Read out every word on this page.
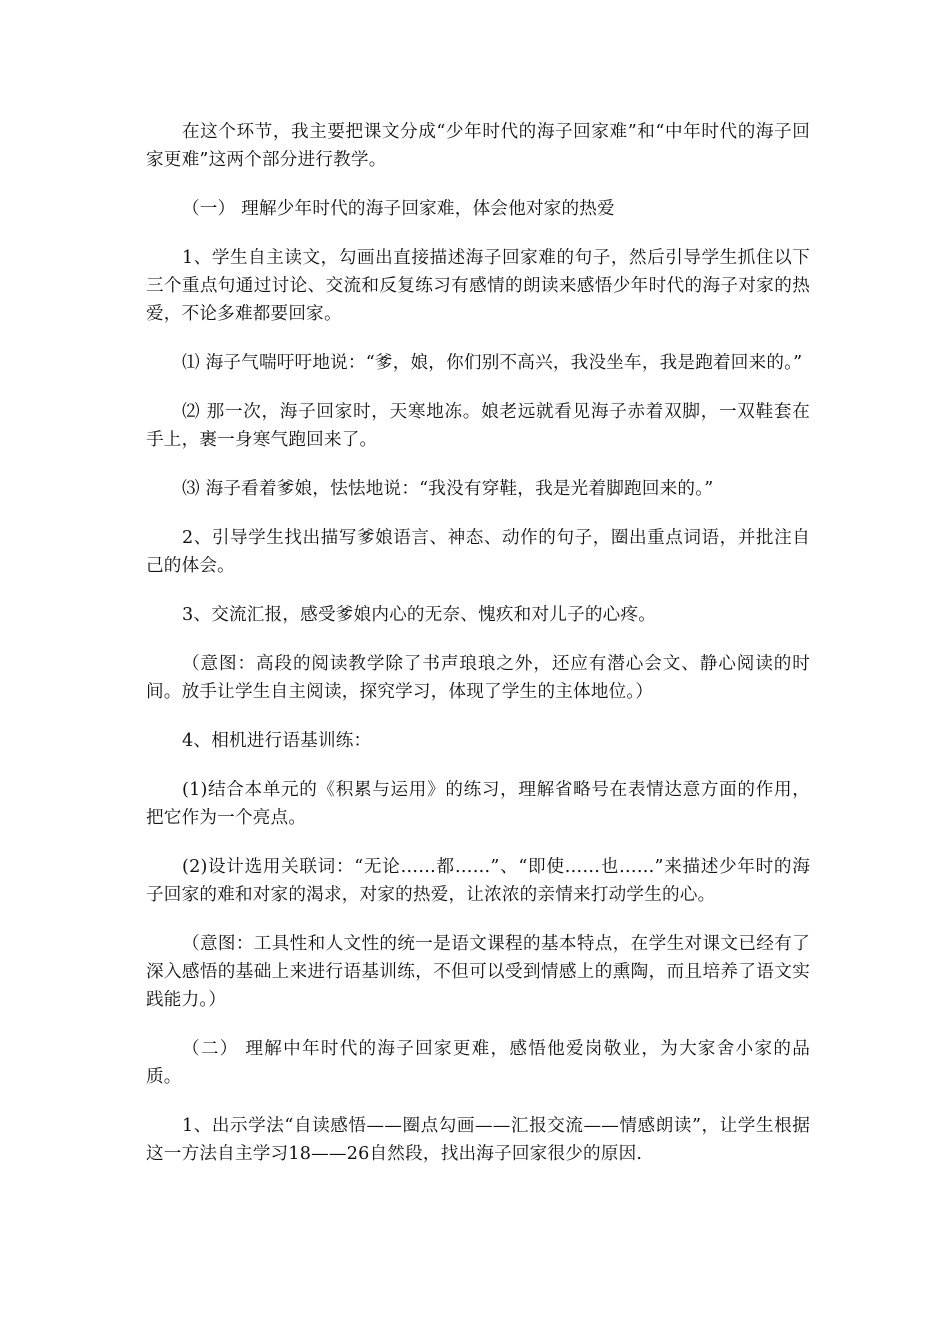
在这个环节，我主要把课文分成“少年时代的海子回家难”和“中年时代的海子回家更难”这两个部分进行教学。

（一） 理解少年时代的海子回家难，体会他对家的热爱

1、学生自主读文，勾画出直接描述海子回家难的句子，然后引导学生抓住以下三个重点句通过讨论、交流和反复练习有感情的朗读来感悟少年时代的海子对家的热爱，不论多难都要回家。

⑴ 海子气喘吁吁地说：“爹，娘，你们别不高兴，我没坐车，我是跑着回来的。”

⑵ 那一次，海子回家时，天寒地冻。娘老远就看见海子赤着双脚，一双鞋套在手上，裹一身寒气跑回来了。

⑶ 海子看着爹娘，怯怯地说：“我没有穿鞋，我是光着脚跑回来的。”

2、引导学生找出描写爹娘语言、神态、动作的句子，圈出重点词语，并批注自己的体会。

3、交流汇报，感受爹娘内心的无奈、愧疚和对儿子的心疼。

（意图：高段的阅读教学除了书声琅琅之外，还应有潜心会文、静心阅读的时间。放手让学生自主阅读，探究学习，体现了学生的主体地位。）

4、相机进行语基训练：

(1)结合本单元的《积累与运用》的练习，理解省略号在表情达意方面的作用，把它作为一个亮点。

(2)设计选用关联词：“无论……都……”、“即使……也……”来描述少年时的海子回家的难和对家的渴求，对家的热爱，让浓浓的亲情来打动学生的心。

（意图：工具性和人文性的统一是语文课程的基本特点，在学生对课文已经有了深入感悟的基础上来进行语基训练，不但可以受到情感上的熏陶，而且培养了语文实践能力。）

（二） 理解中年时代的海子回家更难，感悟他爱岗敬业，为大家舍小家的品质。

1、出示学法“自读感悟——圈点勾画——汇报交流——情感朗读”，让学生根据这一方法自主学习18——26自然段，找出海子回家很少的原因.
